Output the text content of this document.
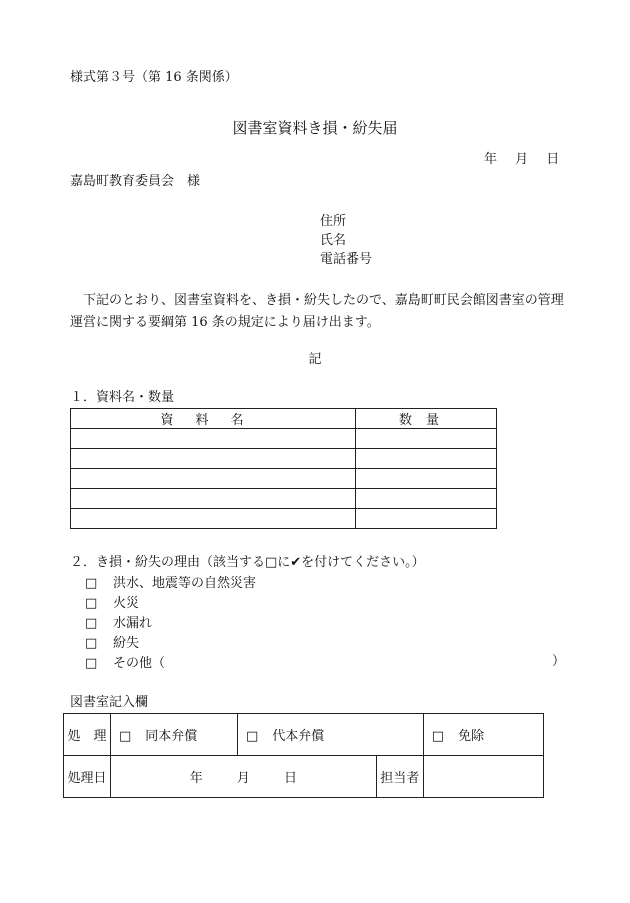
様式第３号（第 16 条関係）
図書室資料き損・紛失届
年 月 日
嘉島町教育委員会　様
住所
氏名
電話番号
下記のとおり、図書室資料を、き損・紛失したので、嘉島町町民会館図書室の管理運営に関する要綱第 16 条の規定により届け出ます。
記
１．資料名・数量
資料名	数量

２．き損・紛失の理由（該当する□に✔を付けてください。）
□ 洪水、地震等の自然災害
□ 火災
□ 水漏れ
□ 紛失
□ その他（	）
図書室記入欄
処　理	□ 同本弁償	□ 代本弁償		□ 免除
処理日	年 月 日		担当者	
